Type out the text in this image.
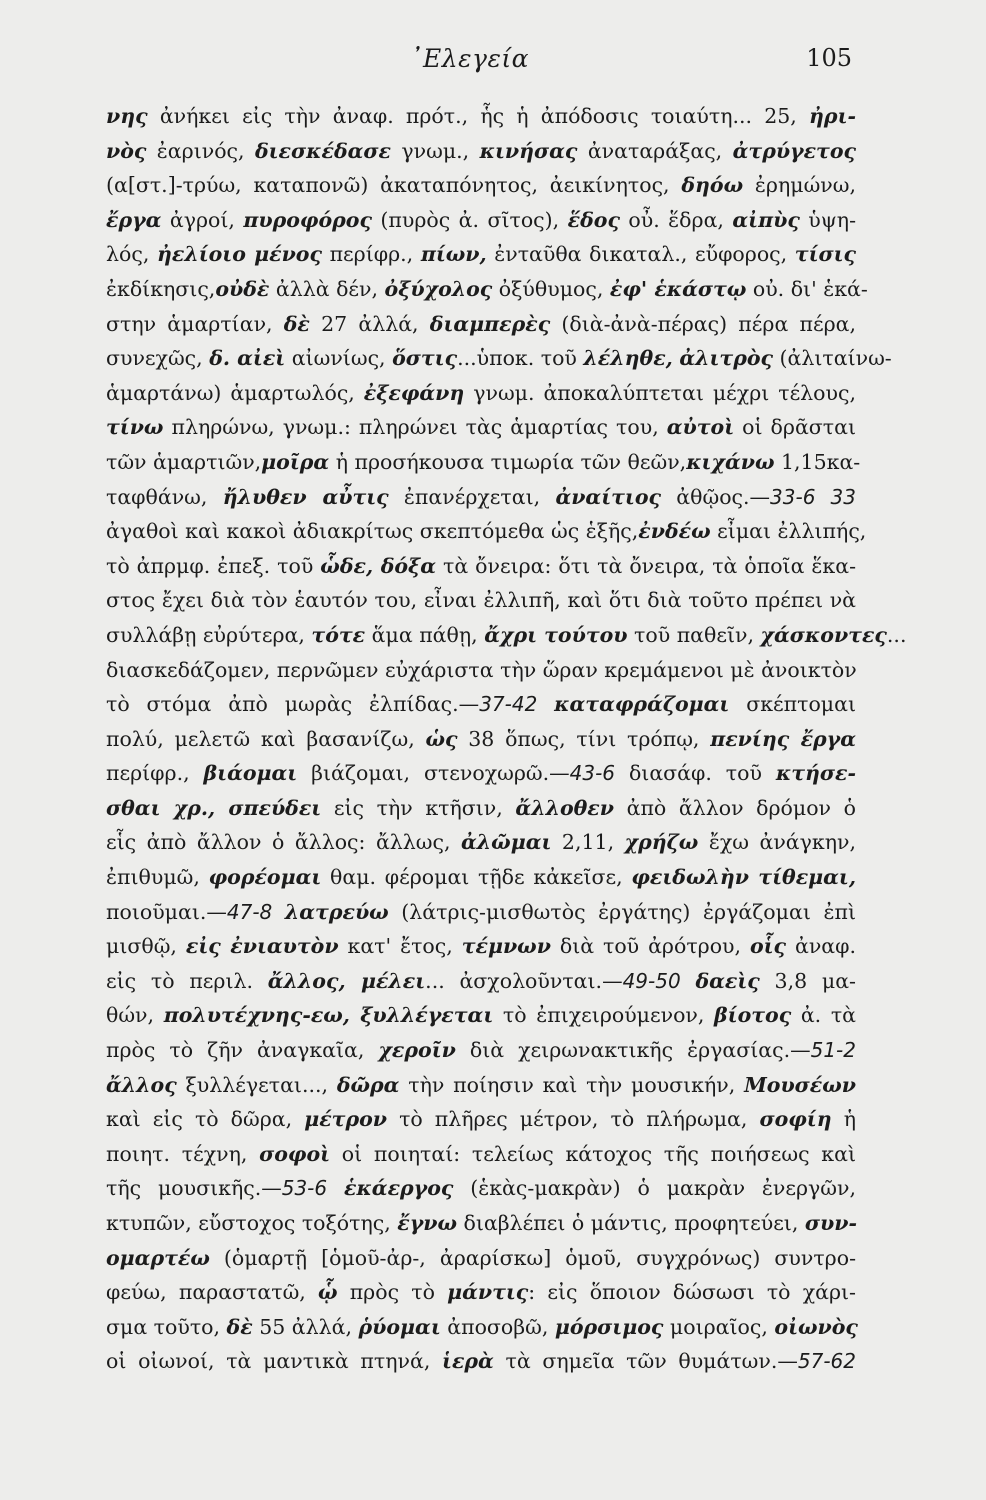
᾿Ελεγεία	105
νης ἀνήκει εἰς τὴν ἀναφ. πρότ., ἧς ἡ ἀπόδοσις τοιαύτη... 25, ἠρι-
νὸς ἐαρινός, διεσκέδασε γνωμ., κινήσας ἀναταράξας, ἀτρύγετος
(α[στ.]-τρύω, καταπονῶ) ἀκαταπόνητος, ἀεικίνητος, δηόω ἐρημώνω,
ἔργα ἀγροί, πυροφόρος (πυρὸς ἀ. σῖτος), ἕδος οὖ. ἕδρα, αἰπὺς ὑψη-
λός, ἠελίοιο μένος περίφρ., πίων, ἐνταῦθα δικαταλ., εὔφορος, τίσις
ἐκδίκησις,οὐδὲ ἀλλὰ δέν, ὀξύχολος ὀξύθυμος, ἐφ' ἑκάστῳ οὐ. δι' ἑκά-
στην ἁμαρτίαν, δὲ 27 ἀλλά, διαμπερὲς (διὰ-ἀνὰ-πέρας) πέρα πέρα,
συνεχῶς, δ. αἰεὶ αἰωνίως, ὅστις...ὑποκ. τοῦ λέληθε, ἀλιτρὸς (ἀλιταίνω-
ἁμαρτάνω) ἁμαρτωλός, ἐξεφάνη γνωμ. ἀποκαλύπτεται μέχρι τέλους,
τίνω πληρώνω, γνωμ.: πληρώνει τὰς ἁμαρτίας του, αὐτοὶ οἱ δρᾶσται
τῶν ἁμαρτιῶν,μοῖρα ἡ προσήκουσα τιμωρία τῶν θεῶν,κιχάνω 1,15κα-
ταφθάνω, ἤλυθεν αὖτις ἐπανέρχεται, ἀναίτιος ἀθῷος.—33-6 33
ἀγαθοὶ καὶ κακοὶ ἀδιακρίτως σκεπτόμεθα ὡς ἑξῆς,ἐνδέω εἶμαι ἐλλιπής,
τὸ ἀπρμφ. ἐπεξ. τοῦ ὧδε, δόξα τὰ ὄνειρα: ὅτι τὰ ὄνειρα, τὰ ὁποῖα ἕκα-
στος ἔχει διὰ τὸν ἑαυτόν του, εἶναι ἐλλιπῆ, καὶ ὅτι διὰ τοῦτο πρέπει νὰ
συλλάβῃ εὐρύτερα, τότε ἅμα πάθῃ, ἄχρι τούτου τοῦ παθεῖν, χάσκοντες...
διασκεδάζομεν, περνῶμεν εὐχάριστα τὴν ὥραν κρεμάμενοι μὲ ἀνοικτὸν
τὸ στόμα ἀπὸ μωρὰς ἐλπίδας.—37-42 καταφράζομαι σκέπτομαι
πολύ, μελετῶ καὶ βασανίζω, ὡς 38 ὅπως, τίνι τρόπῳ, πενίης ἔργα
περίφρ., βιάομαι βιάζομαι, στενοχωρῶ.—43-6 διασάφ. τοῦ κτήσε-
σθαι χρ., σπεύδει εἰς τὴν κτῆσιν, ἄλλοθεν ἀπὸ ἄλλον δρόμον ὁ
εἷς ἀπὸ ἄλλον ὁ ἄλλος: ἄλλως, ἀλῶμαι 2,11, χρήζω ἔχω ἀνάγκην,
ἐπιθυμῶ, φορέομαι θαμ. φέρομαι τῇδε κἀκεῖσε, φειδωλὴν τίθεμαι,
ποιοῦμαι.—47-8 λατρεύω (λάτρις-μισθωτὸς ἐργάτης) ἐργάζομαι ἐπὶ
μισθῷ, εἰς ἐνιαυτὸν κατ' ἔτος, τέμνων διὰ τοῦ ἀρότρου, οἷς ἀναφ.
εἰς τὸ περιλ. ἄλλος, μέλει... ἀσχολοῦνται.—49-50 δαεὶς 3,8 μα-
θών, πολυτέχνης-εω, ξυλλέγεται τὸ ἐπιχειρούμενον, βίοτος ἀ. τὰ
πρὸς τὸ ζῆν ἀναγκαῖα, χεροῖν διὰ χειρωνακτικῆς ἐργασίας.—51-2
ἄλλος ξυλλέγεται..., δῶρα τὴν ποίησιν καὶ τὴν μουσικήν, Μουσέων
καὶ εἰς τὸ δῶρα, μέτρον τὸ πλῆρες μέτρον, τὸ πλήρωμα, σοφίη ἡ
ποιητ. τέχνη, σοφοὶ οἱ ποιηταί: τελείως κάτοχος τῆς ποιήσεως καὶ
τῆς μουσικῆς.—53-6 ἑκάεργος (ἑκὰς-μακρὰν) ὁ μακρὰν ἐνεργῶν,
κτυπῶν, εὔστοχος τοξότης, ἔγνω διαβλέπει ὁ μάντις, προφητεύει, συν-
ομαρτέω (ὁμαρτῇ [ὁμοῦ-ἀρ-, ἀραρίσκω] ὁμοῦ, συγχρόνως) συντρο-
φεύω, παραστατῶ, ᾧ πρὸς τὸ μάντις: εἰς ὅποιον δώσωσι τὸ χάρι-
σμα τοῦτο, δὲ 55 ἀλλά, ῥύομαι ἀποσοβῶ, μόρσιμος μοιραῖος, οἰωνὸς
οἱ οἰωνοί, τὰ μαντικὰ πτηνά, ἱερὰ τὰ σημεῖα τῶν θυμάτων.—57-62
